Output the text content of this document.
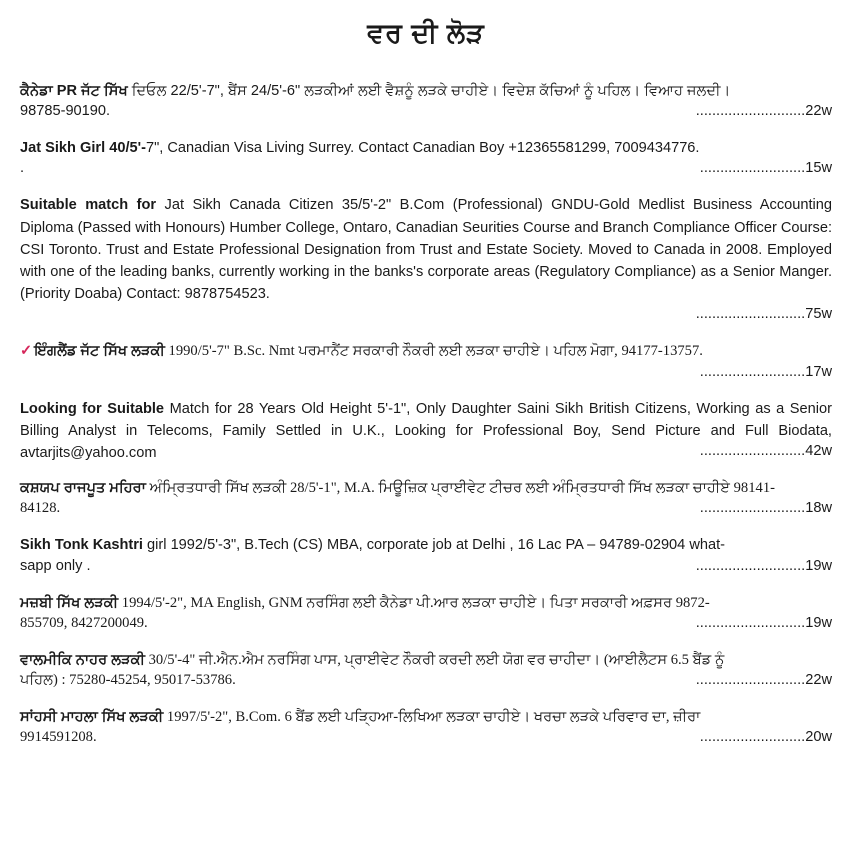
ਵਰ ਦੀ ਲੋੜ
ਕੈਨੇਡਾ PR ਜੱਟ ਸਿੱਖ ਦਿਓਲ 22/5'-7", ਬੈਂਸ 24/5'-6" ਲੜਕੀਆਂ ਲਈ ਵੈਸ਼ਨੂੰ ਲੜਕੇ ਚਾਹੀਏ। ਵਿਦੇਸ਼ ਕੱਚਿਆਂ ਨੂੰ ਪਹਿਲ। ਵਿਆਹ ਜਲਦੀ।
98785-90190.	...........................22w
Jat Sikh Girl 40/5'-7", Canadian Visa Living Surrey. Contact Canadian Boy +12365581299, 7009434776.
.	..........................15w
Suitable match for Jat Sikh Canada Citizen 35/5'-2" B.Com (Professional) GNDU-Gold Medlist Business Accounting Diploma (Passed with Honours) Humber College, Ontaro, Canadian Seurities Course and Branch Compliance Officer Course: CSI Toronto. Trust and Estate Professional Designation from Trust and Estate Society. Moved to Canada in 2008. Employed with one of the leading banks, currently working in the banks's corporate areas (Regulatory Compliance) as a Senior Manger. (Priority Doaba) Contact: 9878754523.
...........................75w
✓ ਇੰਗਲੈਂਡ ਜੱਟ ਸਿੱਖ ਲੜਕੀ 1990/5'-7" B.Sc. Nmt ਪਰਮਾਨੈਂਟ ਸਰਕਾਰੀ ਨੌਕਰੀ ਲਈ ਲੜਕਾ ਚਾਹੀਏ। ਪਹਿਲ ਮੋਗਾ, 94177-13757.
..........................17w
Looking for Suitable Match for 28 Years Old Height 5'-1", Only Daughter Saini Sikh British Citizens, Working as a Senior Billing Analyst in Telecoms, Family Settled in U.K., Looking for Professional Boy, Send Picture and Full Biodata, avtarjits@yahoo.com	..........................42w
ਕਸ਼ਯਪ ਰਾਜਪੂਤ ਮਹਿਰਾ ਅੰਮ੍ਰਿਤਧਾਰੀ ਸਿੱਖ ਲੜਕੀ 28/5'-1", M.A. ਮਿਊਜ਼ਿਕ ਪ੍ਰਾਈਵੇਟ ਟੀਚਰ ਲਈ ਅੰਮ੍ਰਿਤਧਾਰੀ ਸਿੱਖ ਲੜਕਾ ਚਾਹੀਏ 98141-
84128.	..........................18w
Sikh Tonk Kashtri girl 1992/5'-3", B.Tech (CS) MBA, corporate job at Delhi , 16 Lac PA – 94789-02904 what-
sapp only .	...........................19w
ਮਜ਼ਬੀ ਸਿੱਖ ਲੜਕੀ 1994/5'-2", MA English, GNM ਨਰਸਿੰਗ ਲਈ ਕੈਨੇਡਾ ਪੀ.ਆਰ ਲੜਕਾ ਚਾਹੀਏ। ਪਿਤਾ ਸਰਕਾਰੀ ਅਫ਼ਸਰ 9872-
855709, 8427200049.	...........................19w
ਵਾਲਮੀਕਿ ਨਾਹਰ ਲੜਕੀ 30/5'-4" ਜੀ.ਐਨ.ਐਮ ਨਰਸਿੰਗ ਪਾਸ, ਪ੍ਰਾਈਵੇਟ ਨੌਕਰੀ ਕਰਦੀ ਲਈ ਯੋਗ ਵਰ ਚਾਹੀਦਾ। (ਆਈਲੈਟਸ 6.5 ਬੈਂਡ ਨੂੰ
ਪਹਿਲ) : 75280-45254, 95017-53786.	...........................22w
ਸਾਂਹਸੀ ਮਾਹਲਾ ਸਿੱਖ ਲੜਕੀ 1997/5'-2", B.Com. 6 ਬੈਂਡ ਲਈ ਪੜ੍ਹਿਆ-ਲਿਖਿਆ ਲੜਕਾ ਚਾਹੀਏ। ਖਰਚਾ ਲੜਕੇ ਪਰਿਵਾਰ ਦਾ, ਜ਼ੀਰਾ
9914591208.	..........................20w
